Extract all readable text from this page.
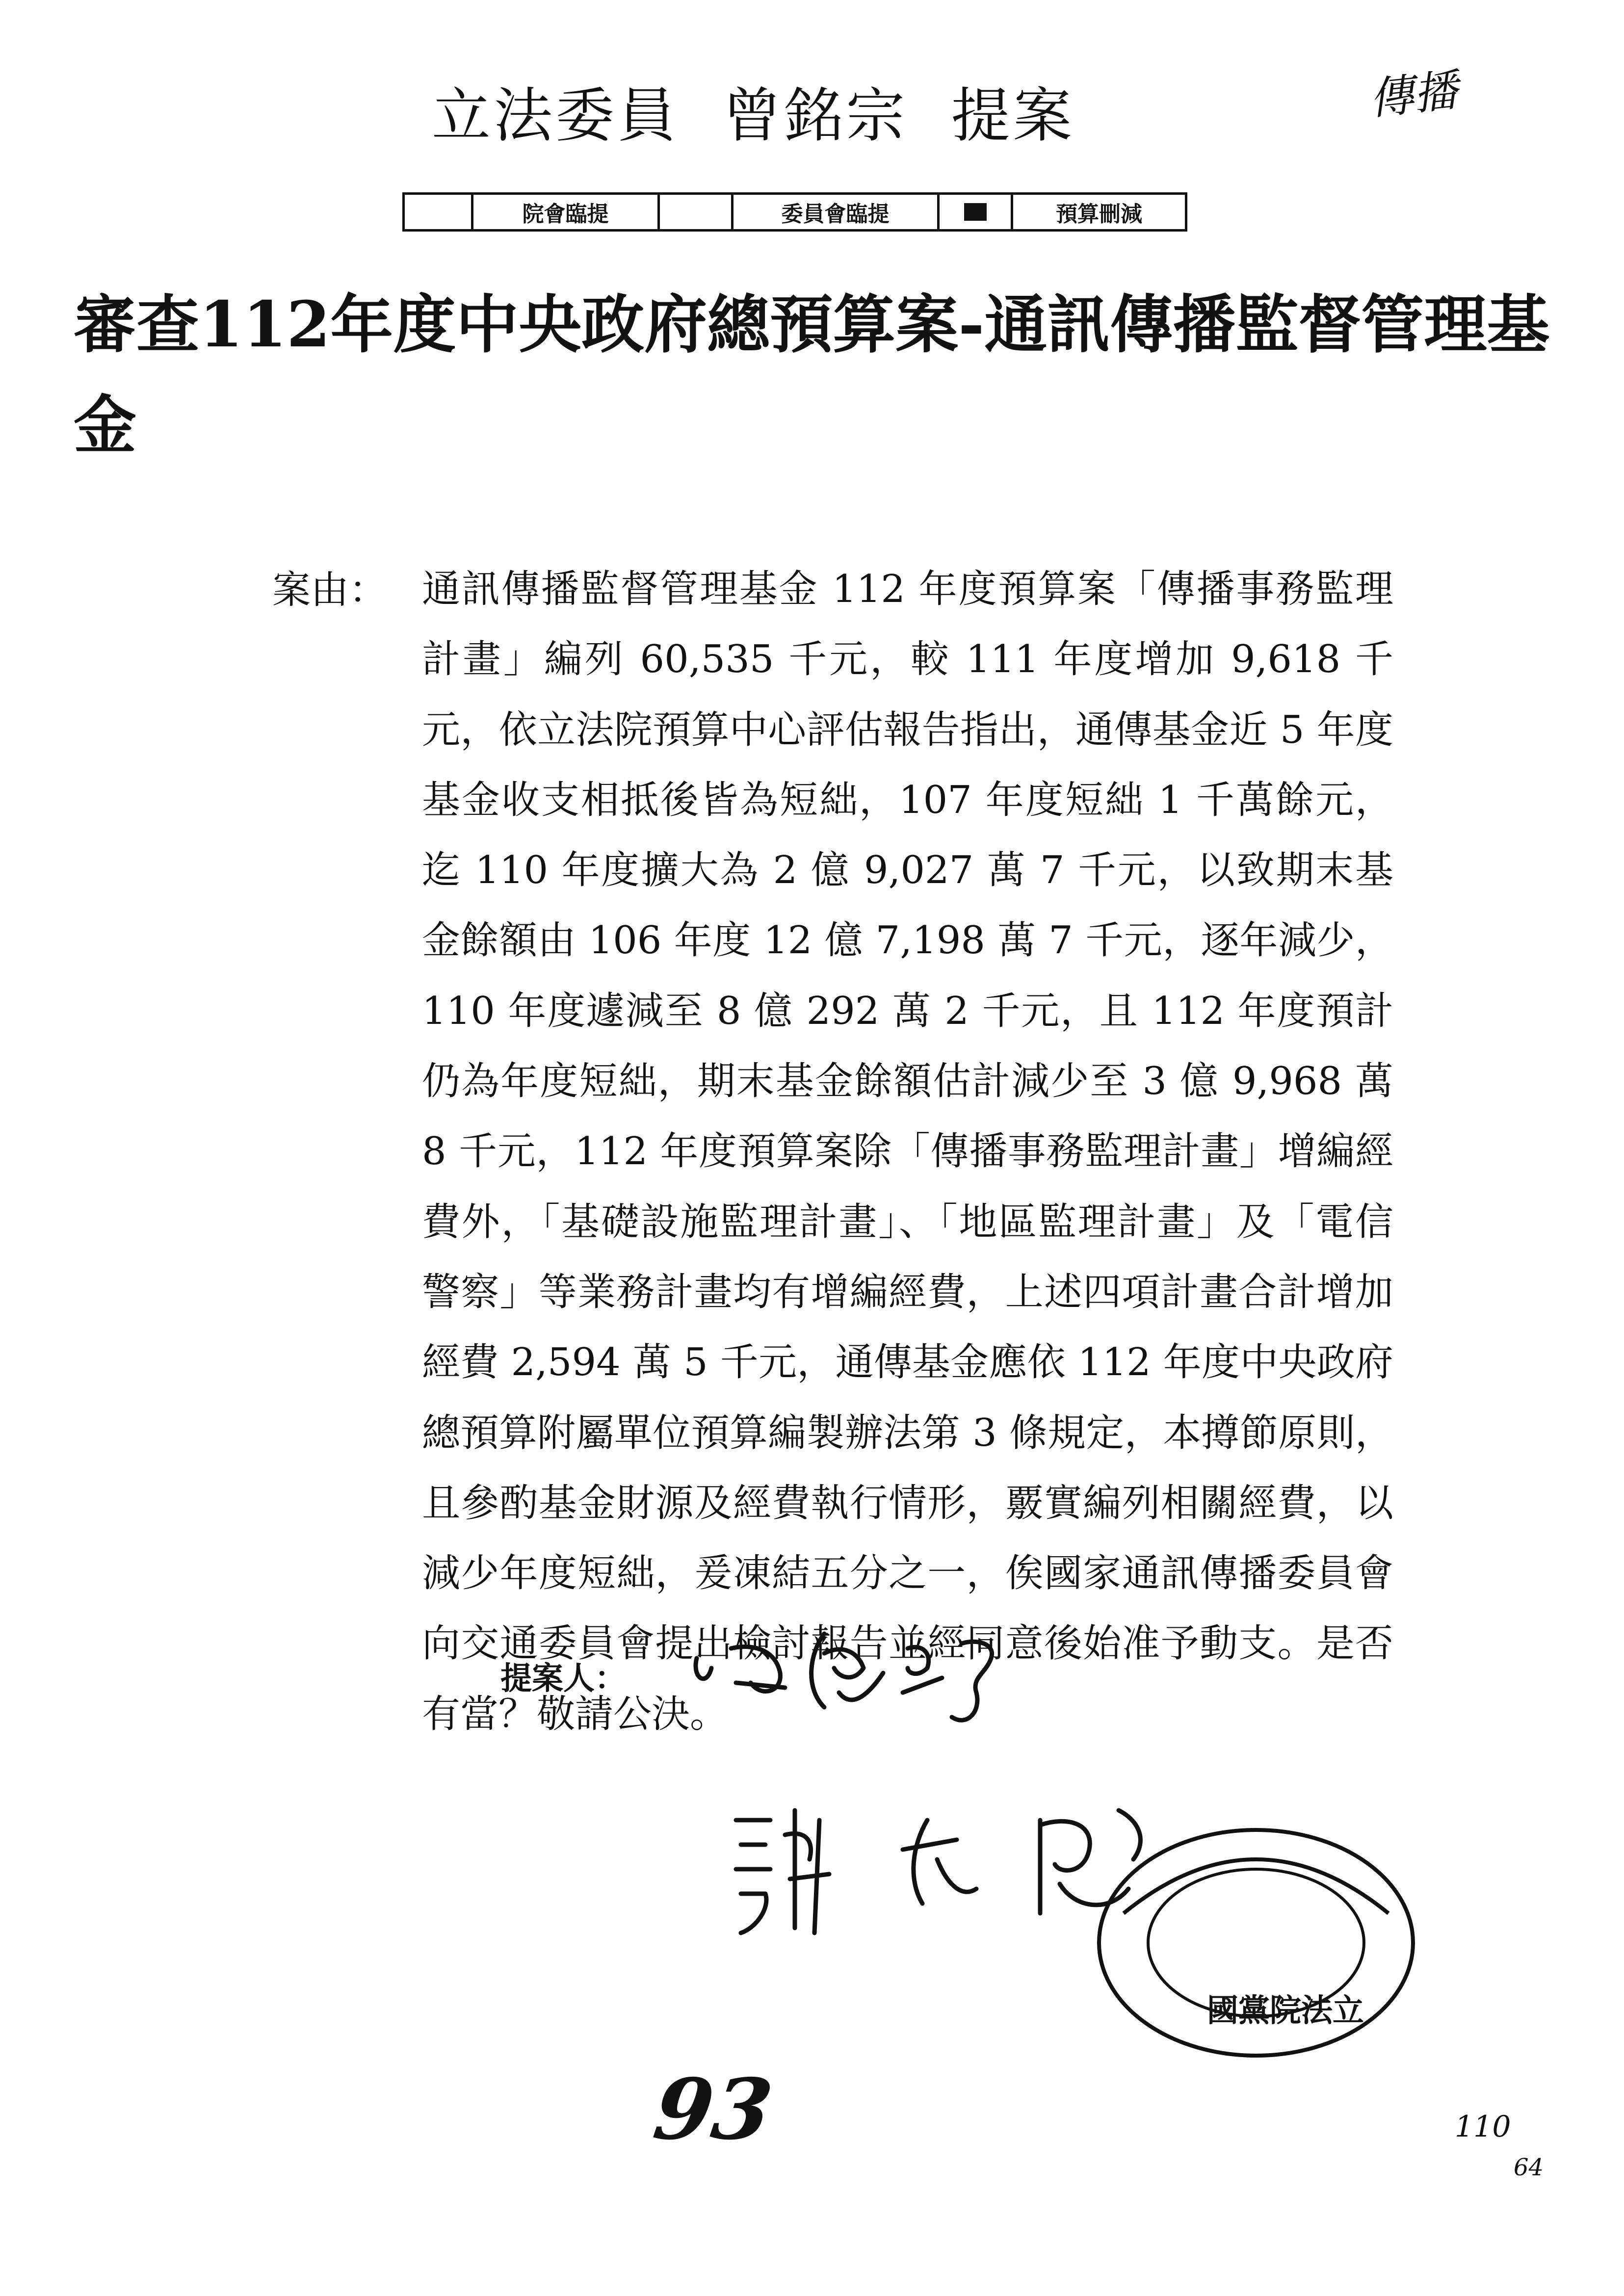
立法委員  曾銘宗  提案	傳播
院會臨提	委員會臨提	預算刪減
審查112年度中央政府總預算案-通訊傳播監督管理基金
案由： 通訊傳播監督管理基金 112 年度預算案「傳播事務監理計畫」編列 60,535 千元，較 111 年度增加 9,618 千元，依立法院預算中心評估報告指出，通傳基金近 5 年度基金收支相抵後皆為短絀，107 年度短絀 1 千萬餘元，迄 110 年度擴大為 2 億 9,027 萬 7 千元，以致期末基金餘額由 106 年度 12 億 7,198 萬 7 千元，逐年減少，110 年度遽減至 8 億 292 萬 2 千元，且 112 年度預計仍為年度短絀，期末基金餘額估計減少至 3 億 9,968 萬 8 千元，112 年度預算案除「傳播事務監理計畫」增編經費外，「基礎設施監理計畫」、「地區監理計畫」及「電信警察」等業務計畫均有增編經費，上述四項計畫合計增加經費 2,594 萬 5 千元，通傳基金應依 112 年度中央政府總預算附屬單位預算編製辦法第 3 條規定，本撙節原則，且參酌基金財源及經費執行情形，覈實編列相關經費，以減少年度短絀，爰凍結五分之一，俟國家通訊傳播委員會向交通委員會提出檢討報告並經同意後始准予動支。是否有當？敬請公決。
提案人：
國黨院法立
93	110
64
